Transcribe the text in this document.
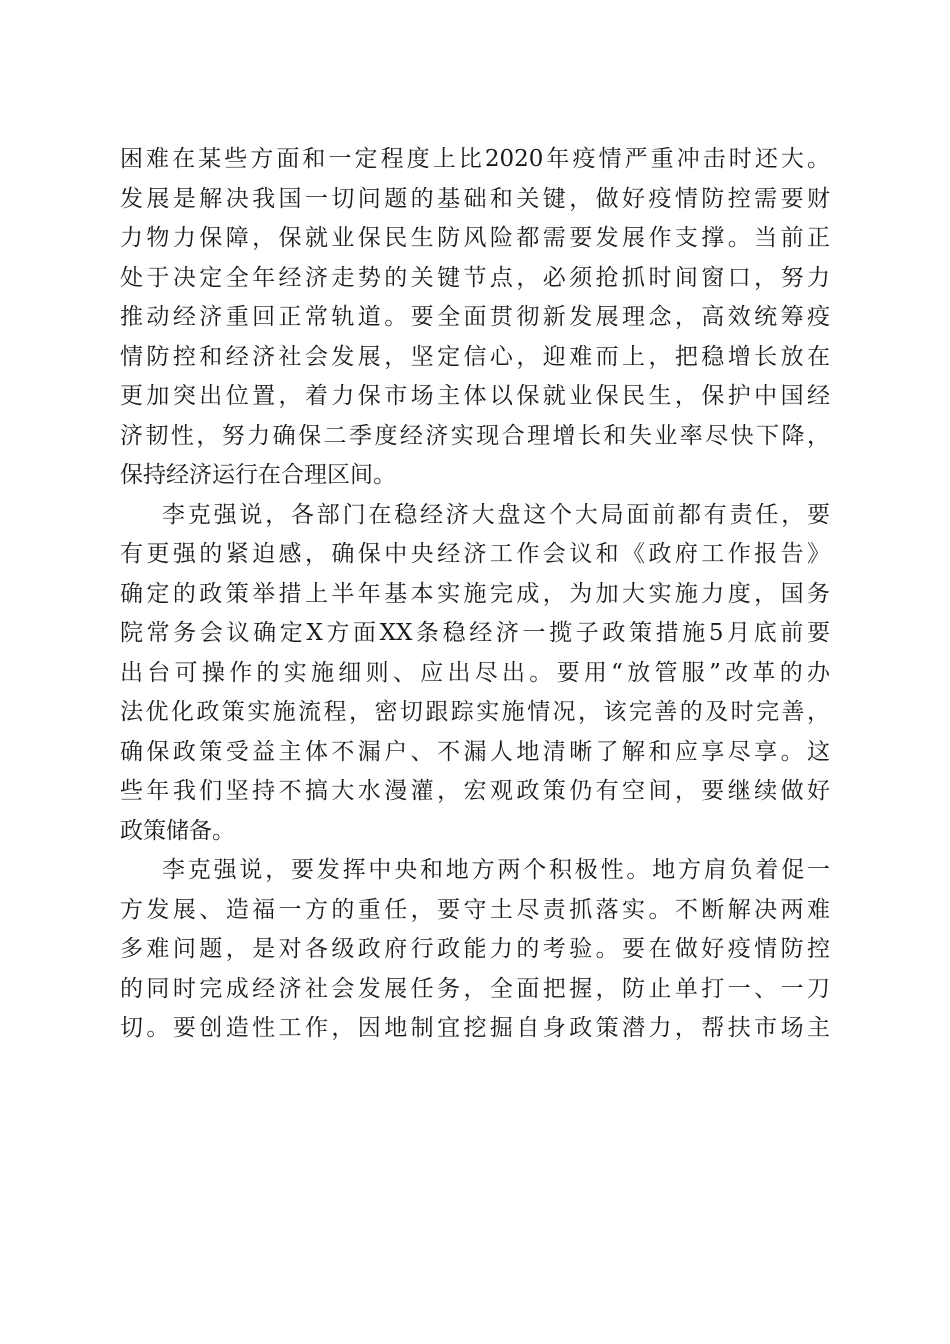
困难在某些方面和一定程度上比2020年疫情严重冲击时还大。
发展是解决我国一切问题的基础和关键，做好疫情防控需要财
力物力保障，保就业保民生防风险都需要发展作支撑。当前正
处于决定全年经济走势的关键节点，必须抢抓时间窗口，努力
推动经济重回正常轨道。要全面贯彻新发展理念，高效统筹疫
情防控和经济社会发展，坚定信心，迎难而上，把稳增长放在
更加突出位置，着力保市场主体以保就业保民生，保护中国经
济韧性，努力确保二季度经济实现合理增长和失业率尽快下降，
保持经济运行在合理区间。
李克强说，各部门在稳经济大盘这个大局面前都有责任，要
有更强的紧迫感，确保中央经济工作会议和《政府工作报告》
确定的政策举措上半年基本实施完成，为加大实施力度，国务
院常务会议确定X方面XX条稳经济一揽子政策措施5月底前要
出台可操作的实施细则、应出尽出。要用“放管服”改革的办
法优化政策实施流程，密切跟踪实施情况，该完善的及时完善，
确保政策受益主体不漏户、不漏人地清晰了解和应享尽享。这
些年我们坚持不搞大水漫灌，宏观政策仍有空间，要继续做好
政策储备。
李克强说，要发挥中央和地方两个积极性。地方肩负着促一
方发展、造福一方的重任，要守土尽责抓落实。不断解决两难
多难问题，是对各级政府行政能力的考验。要在做好疫情防控
的同时完成经济社会发展任务，全面把握，防止单打一、一刀
切。要创造性工作，因地制宜挖掘自身政策潜力，帮扶市场主
